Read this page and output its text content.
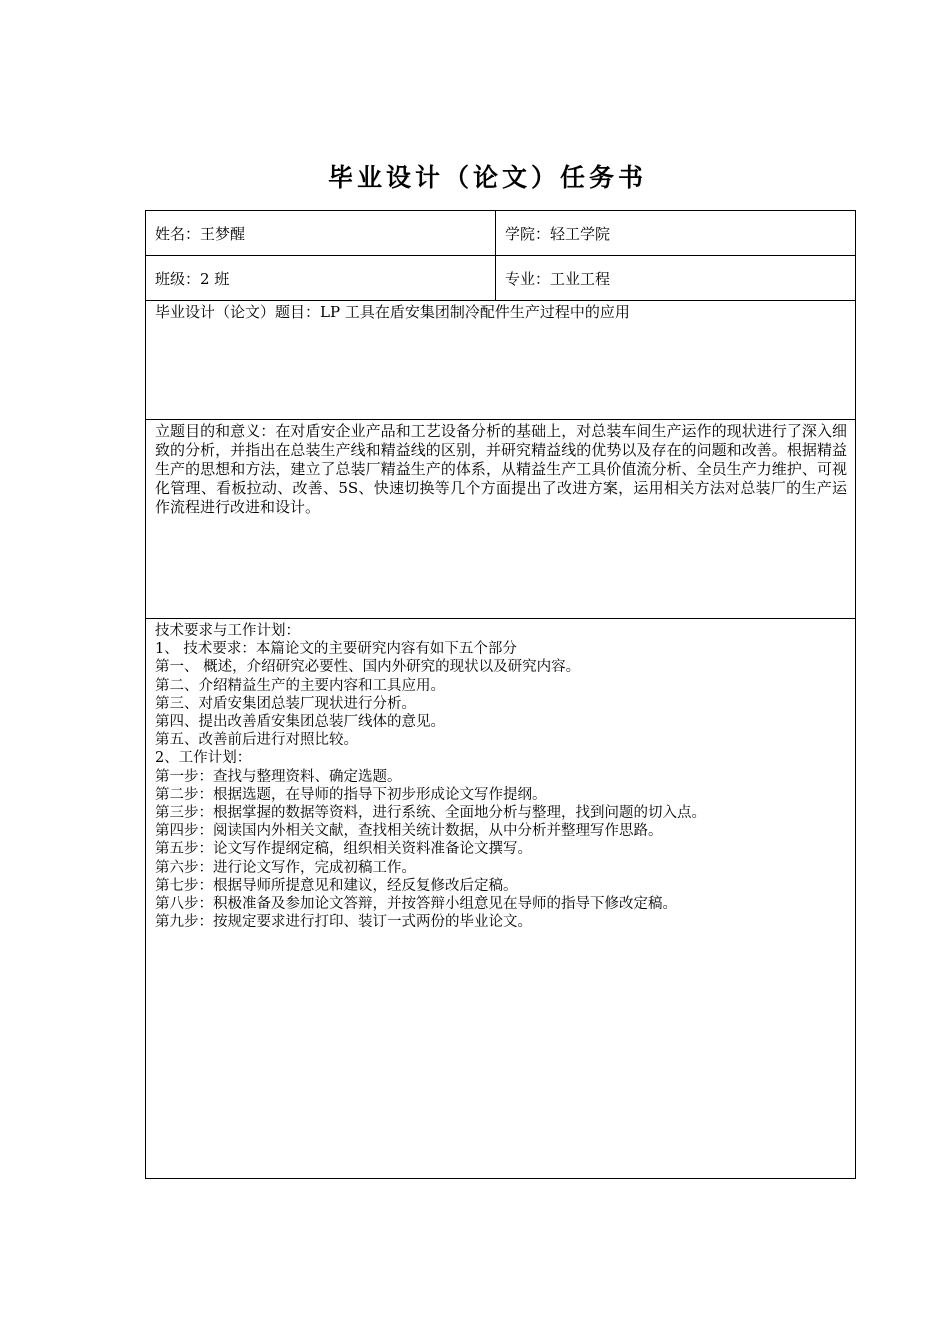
毕业设计（论文）任务书
姓名：王梦醒	学院：轻工学院
班级：2 班	专业：工业工程
毕业设计（论文）题目：LP 工具在盾安集团制冷配件生产过程中的应用
立题目的和意义：在对盾安企业产品和工艺设备分析的基础上，对总装车间生产运作的现状进行了深入细致的分析，并指出在总装生产线和精益线的区别，并研究精益线的优势以及存在的问题和改善。根据精益生产的思想和方法，建立了总装厂精益生产的体系，从精益生产工具价值流分析、全员生产力维护、可视化管理、看板拉动、改善、5S、快速切换等几个方面提出了改进方案，运用相关方法对总装厂的生产运作流程进行改进和设计。
技术要求与工作计划：
1、 技术要求：本篇论文的主要研究内容有如下五个部分
第一、 概述，介绍研究必要性、国内外研究的现状以及研究内容。
第二、介绍精益生产的主要内容和工具应用。
第三、对盾安集团总装厂现状进行分析。
第四、提出改善盾安集团总装厂线体的意见。
第五、改善前后进行对照比较。
2、工作计划：
第一步：查找与整理资料、确定选题。
第二步：根据选题，在导师的指导下初步形成论文写作提纲。
第三步：根据掌握的数据等资料，进行系统、全面地分析与整理，找到问题的切入点。
第四步：阅读国内外相关文献，查找相关统计数据，从中分析并整理写作思路。
第五步：论文写作提纲定稿，组织相关资料准备论文撰写。
第六步：进行论文写作，完成初稿工作。
第七步：根据导师所提意见和建议，经反复修改后定稿。
第八步：积极准备及参加论文答辩，并按答辩小组意见在导师的指导下修改定稿。
第九步：按规定要求进行打印、装订一式两份的毕业论文。
